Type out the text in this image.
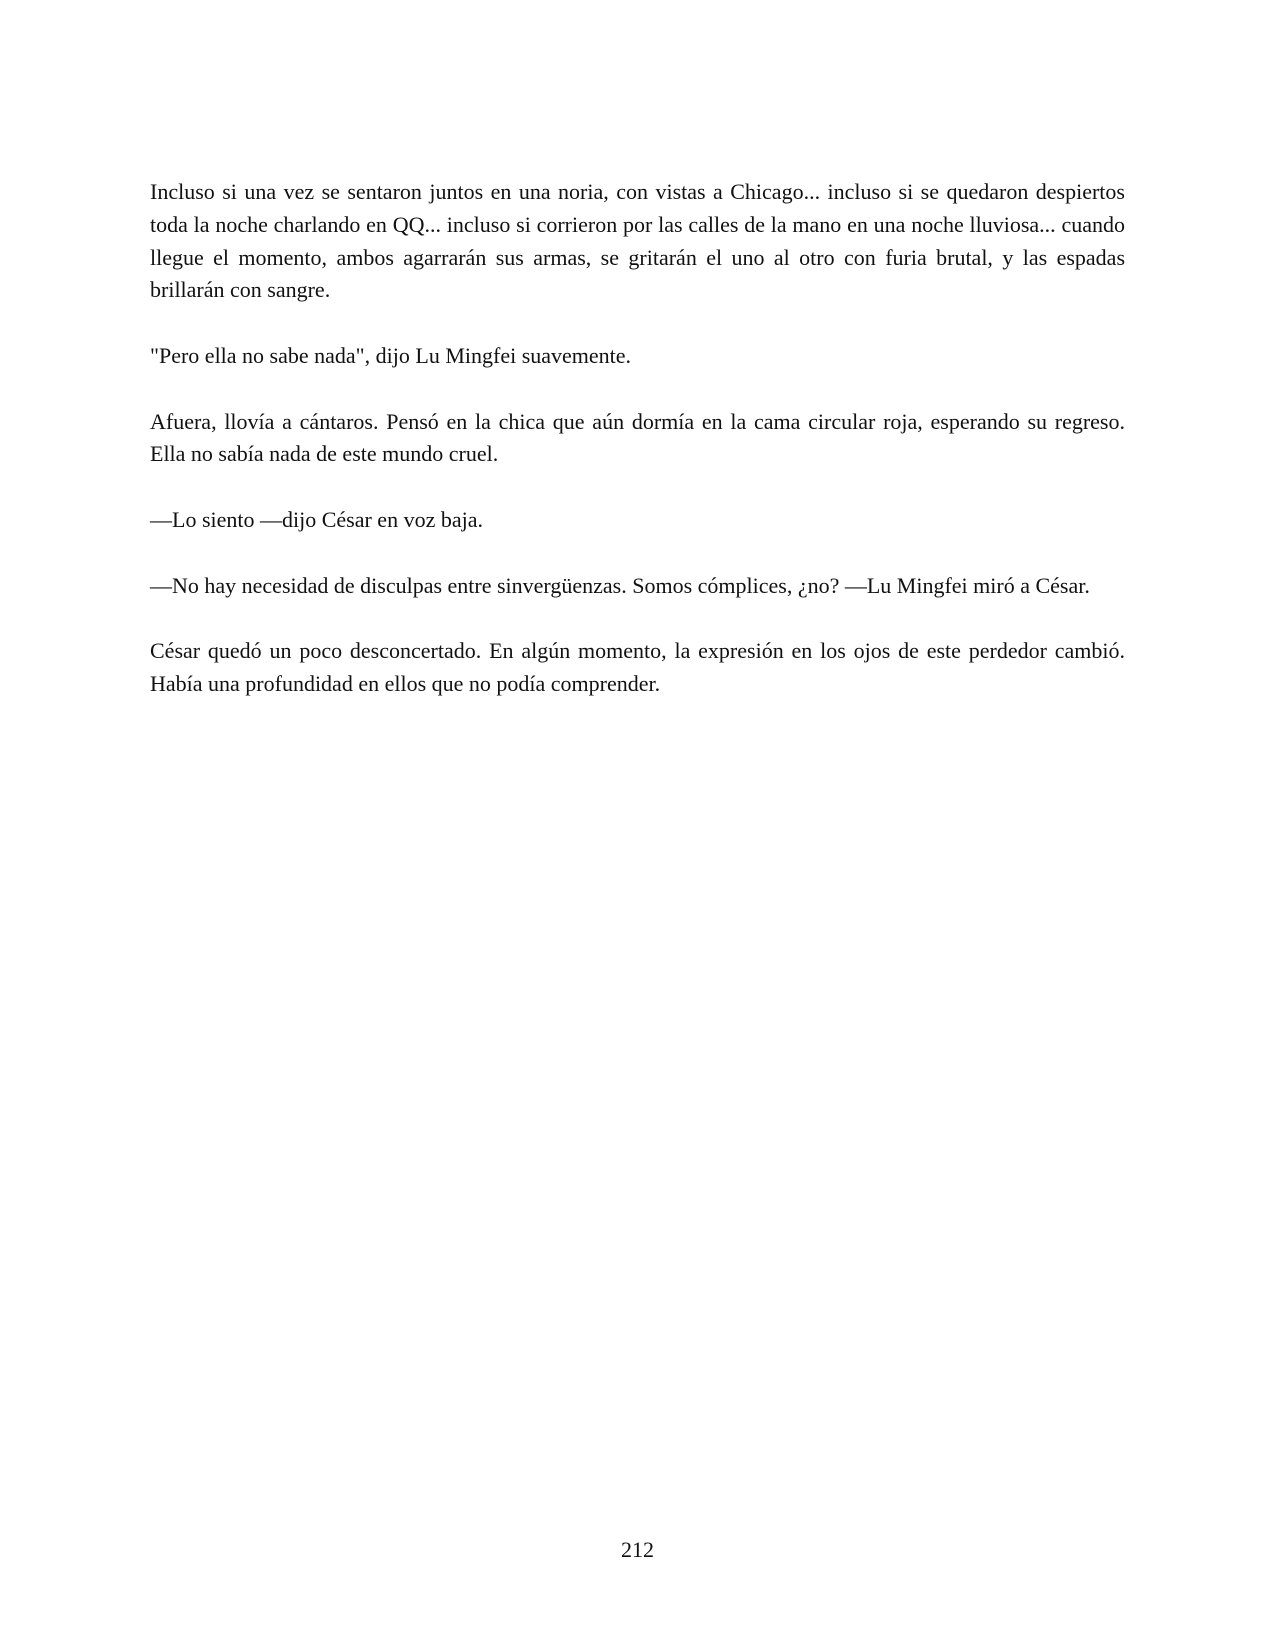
Incluso si una vez se sentaron juntos en una noria, con vistas a Chicago... incluso si se quedaron despiertos toda la noche charlando en QQ... incluso si corrieron por las calles de la mano en una noche lluviosa... cuando llegue el momento, ambos agarrarán sus armas, se gritarán el uno al otro con furia brutal, y las espadas brillarán con sangre.

"Pero ella no sabe nada", dijo Lu Mingfei suavemente.

Afuera, llovía a cántaros. Pensó en la chica que aún dormía en la cama circular roja, esperando su regreso. Ella no sabía nada de este mundo cruel.

—Lo siento —dijo César en voz baja.

—No hay necesidad de disculpas entre sinvergüenzas. Somos cómplices, ¿no? —Lu Mingfei miró a César.

César quedó un poco desconcertado. En algún momento, la expresión en los ojos de este perdedor cambió. Había una profundidad en ellos que no podía comprender.

212
